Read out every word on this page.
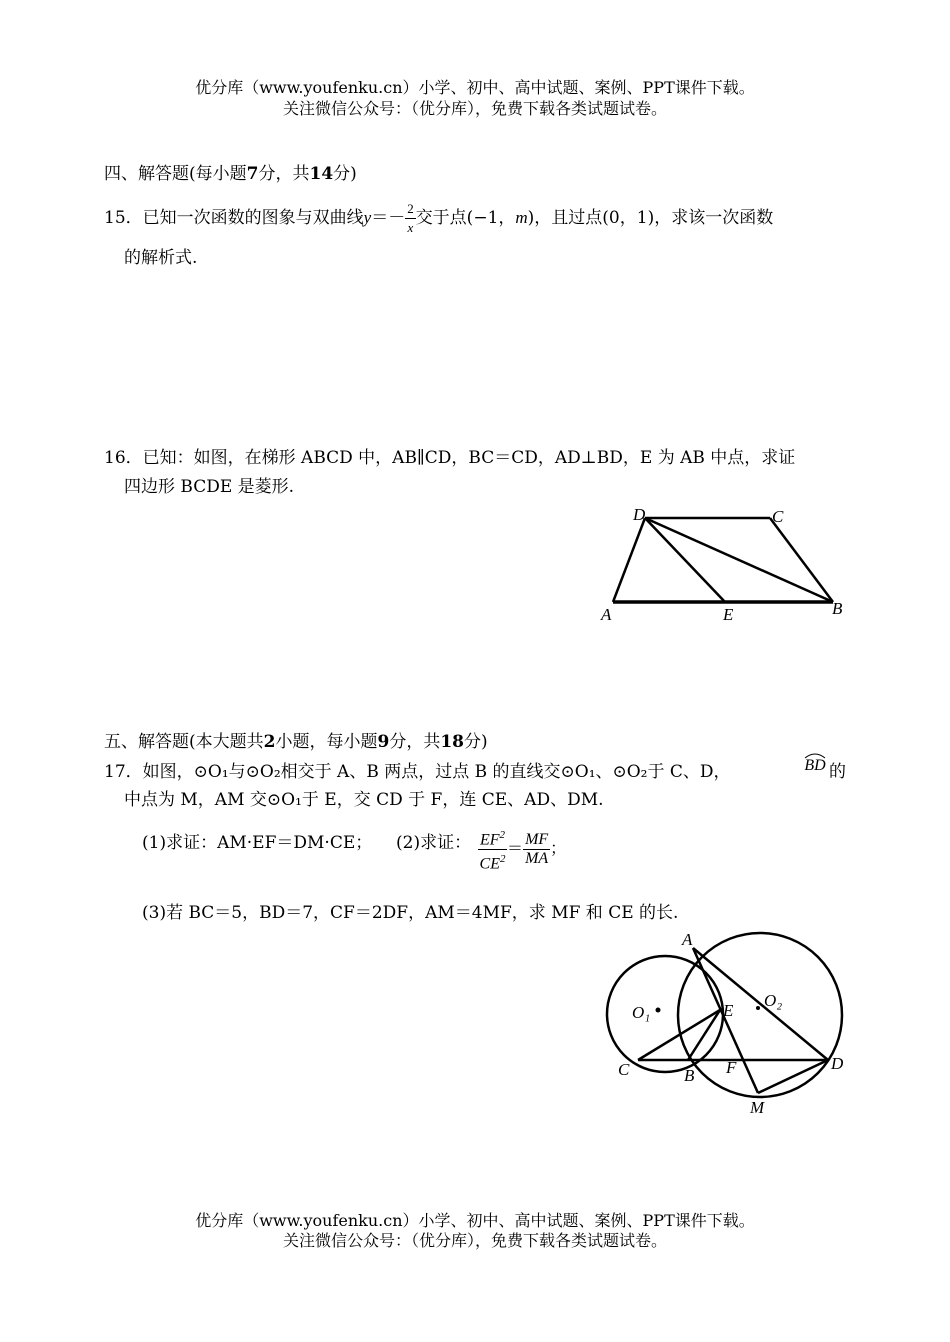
优分库（www.youfenku.cn）小学、初中、高中试题、案例、PPT课件下载。
关注微信公众号：（优分库），免费下载各类试题试卷。
四、解答题(每小题7分，共14分)
15．已知一次函数的图象与双曲线$y=- \frac{2}{x}$ 交于点(−1，m)，且过点(0，1)，求该一次函数
的解析式.
16．已知：如图，在梯形 ABCD 中，AB∥CD，BC＝CD，AD⊥BD，E 为 AB 中点，求证
四边形 BCDE 是菱形.
D	C
A	E	B
五、解答题(本大题共2小题，每小题9分，共18分)
17．如图，⊙O₁与⊙O₂相交于 A、B 两点，过点 B 的直线交⊙O₁、⊙O₂于 C、D，	BD 的
中点为 M，AM 交⊙O₁于 E，交 CD 于 F，连 CE、AD、DM.
(1)求证：AM·EF＝DM·CE； (2)求证： $\frac{EF^2}{CE^2} = \frac{MF}{MA}$ ；
(3)若 BC＝5，BD＝7，CF＝2DF，AM＝4MF，求 MF 和 CE 的长.
A
O₁	E
O₂
C	B F	D
M
优分库（www.youfenku.cn）小学、初中、高中试题、案例、PPT课件下载。
关注微信公众号：（优分库），免费下载各类试题试卷。
